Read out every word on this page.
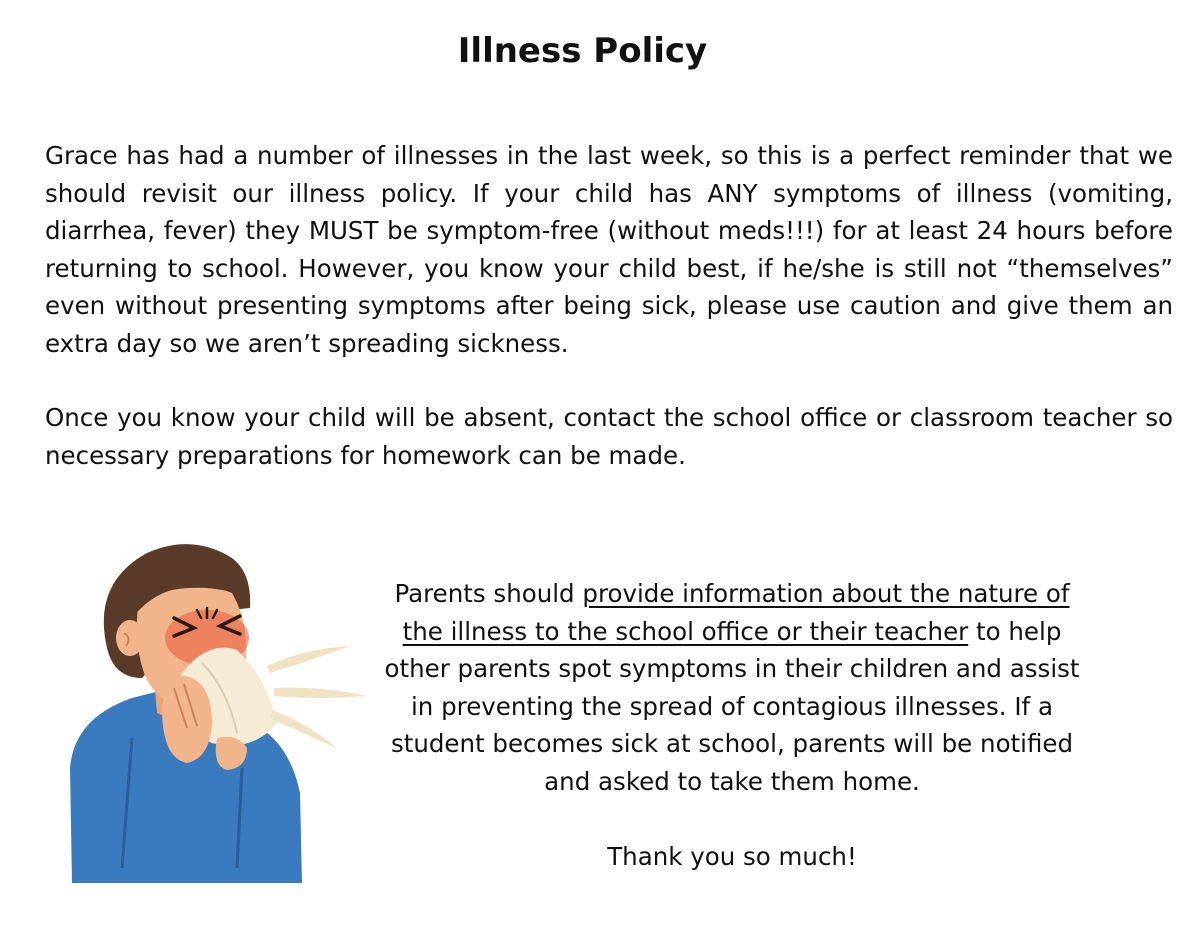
Illness Policy

Grace has had a number of illnesses in the last week, so this is a perfect reminder that we should revisit our illness policy. If your child has ANY symptoms of illness (vomiting, diarrhea, fever) they MUST be symptom-free (without meds!!!) for at least 24 hours before returning to school. However, you know your child best, if he/she is still not “themselves” even without presenting symptoms after being sick, please use caution and give them an extra day so we aren’t spreading sickness.

Once you know your child will be absent, contact the school office or classroom teacher so necessary preparations for homework can be made.

Parents should provide information about the nature of the illness to the school office or their teacher to help other parents spot symptoms in their children and assist in preventing the spread of contagious illnesses. If a student becomes sick at school, parents will be notified and asked to take them home.

Thank you so much!
